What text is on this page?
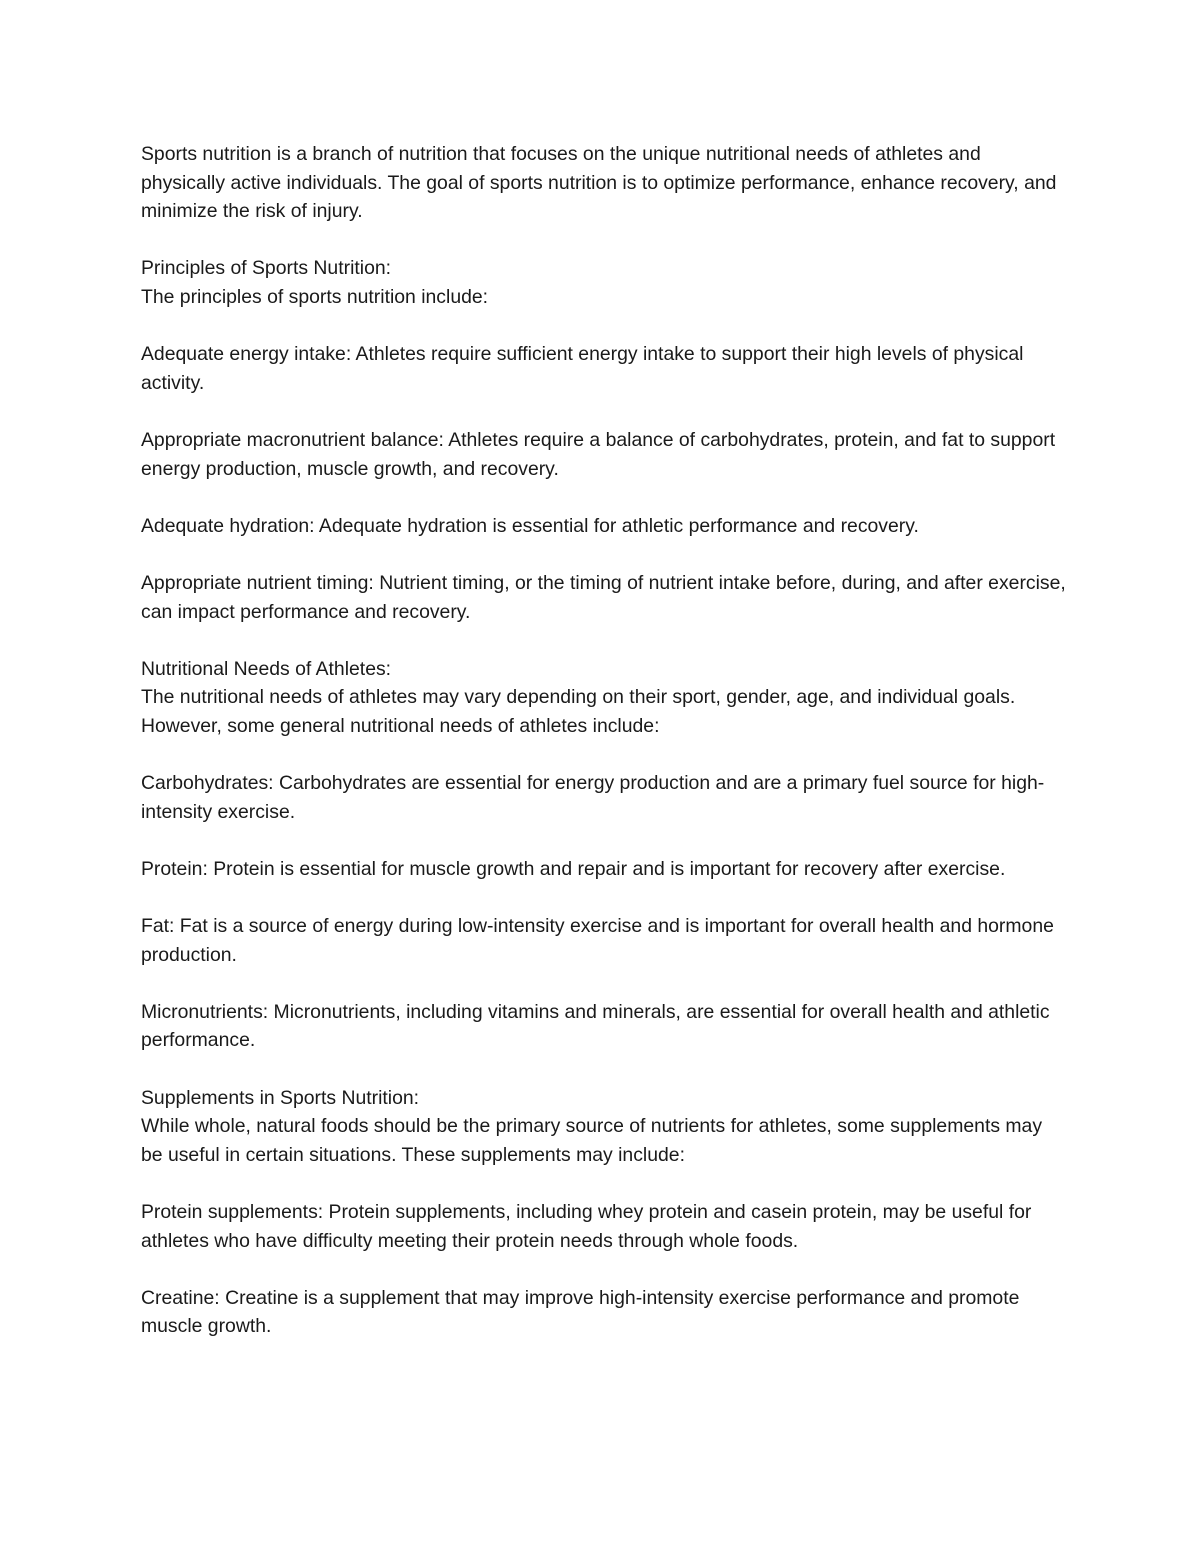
Sports nutrition is a branch of nutrition that focuses on the unique nutritional needs of athletes and physically active individuals. The goal of sports nutrition is to optimize performance, enhance recovery, and minimize the risk of injury.

Principles of Sports Nutrition:

The principles of sports nutrition include:

Adequate energy intake: Athletes require sufficient energy intake to support their high levels of physical activity.

Appropriate macronutrient balance: Athletes require a balance of carbohydrates, protein, and fat to support energy production, muscle growth, and recovery.

Adequate hydration: Adequate hydration is essential for athletic performance and recovery.

Appropriate nutrient timing: Nutrient timing, or the timing of nutrient intake before, during, and after exercise, can impact performance and recovery.

Nutritional Needs of Athletes:

The nutritional needs of athletes may vary depending on their sport, gender, age, and individual goals. However, some general nutritional needs of athletes include:

Carbohydrates: Carbohydrates are essential for energy production and are a primary fuel source for high-intensity exercise.

Protein: Protein is essential for muscle growth and repair and is important for recovery after exercise.

Fat: Fat is a source of energy during low-intensity exercise and is important for overall health and hormone production.

Micronutrients: Micronutrients, including vitamins and minerals, are essential for overall health and athletic performance.

Supplements in Sports Nutrition:

While whole, natural foods should be the primary source of nutrients for athletes, some supplements may be useful in certain situations. These supplements may include:

Protein supplements: Protein supplements, including whey protein and casein protein, may be useful for athletes who have difficulty meeting their protein needs through whole foods.

Creatine: Creatine is a supplement that may improve high-intensity exercise performance and promote muscle growth.
